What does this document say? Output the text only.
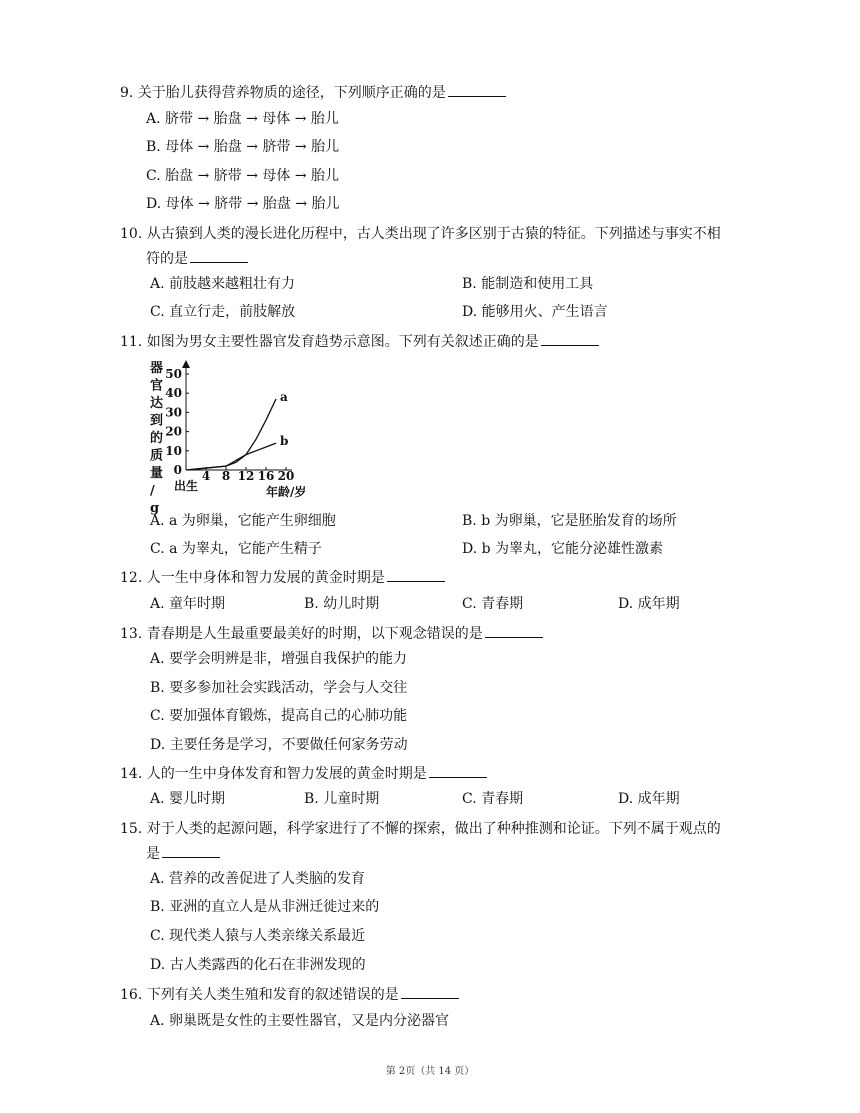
9. 关于胎儿获得营养物质的途径，下列顺序正确的是
A. 脐带 → 胎盘 → 母体 → 胎儿
B. 母体 → 胎盘 → 脐带 → 胎儿
C. 胎盘 → 脐带 → 母体 → 胎儿
D. 母体 → 脐带 → 胎盘 → 胎儿
10. 从古猿到人类的漫长进化历程中，古人类出现了许多区别于古猿的特征。下列描述与事实不相
符的是
A. 前肢越来越粗壮有力	B. 能制造和使用工具
C. 直立行走，前肢解放	D. 能够用火、产生语言
11. 如图为男女主要性器官发育趋势示意图。下列有关叙述正确的是
器官达到的质量/ g
0
10
20
30
40
50
4 8 12 16 20
出生	年龄/岁
a
b
A. a 为卵巢，它能产生卵细胞	B. b 为卵巢，它是胚胎发育的场所
C. a 为睾丸，它能产生精子	D. b 为睾丸，它能分泌雄性激素
12. 人一生中身体和智力发展的黄金时期是
A. 童年时期	B. 幼儿时期	C. 青春期	D. 成年期
13. 青春期是人生最重要最美好的时期，以下观念错误的是
A. 要学会明辨是非，增强自我保护的能力
B. 要多参加社会实践活动，学会与人交往
C. 要加强体育锻炼，提高自己的心肺功能
D. 主要任务是学习，不要做任何家务劳动
14. 人的一生中身体发育和智力发展的黄金时期是
A. 婴儿时期	B. 儿童时期	C. 青春期	D. 成年期
15. 对于人类的起源问题，科学家进行了不懈的探索，做出了种种推测和论证。下列不属于观点的
是
A. 营养的改善促进了人类脑的发育
B. 亚洲的直立人是从非洲迁徙过来的
C. 现代类人猿与人类亲缘关系最近
D. 古人类露西的化石在非洲发现的
16. 下列有关人类生殖和发育的叙述错误的是
A. 卵巢既是女性的主要性器官，又是内分泌器官
第 2页（共 14 页）
